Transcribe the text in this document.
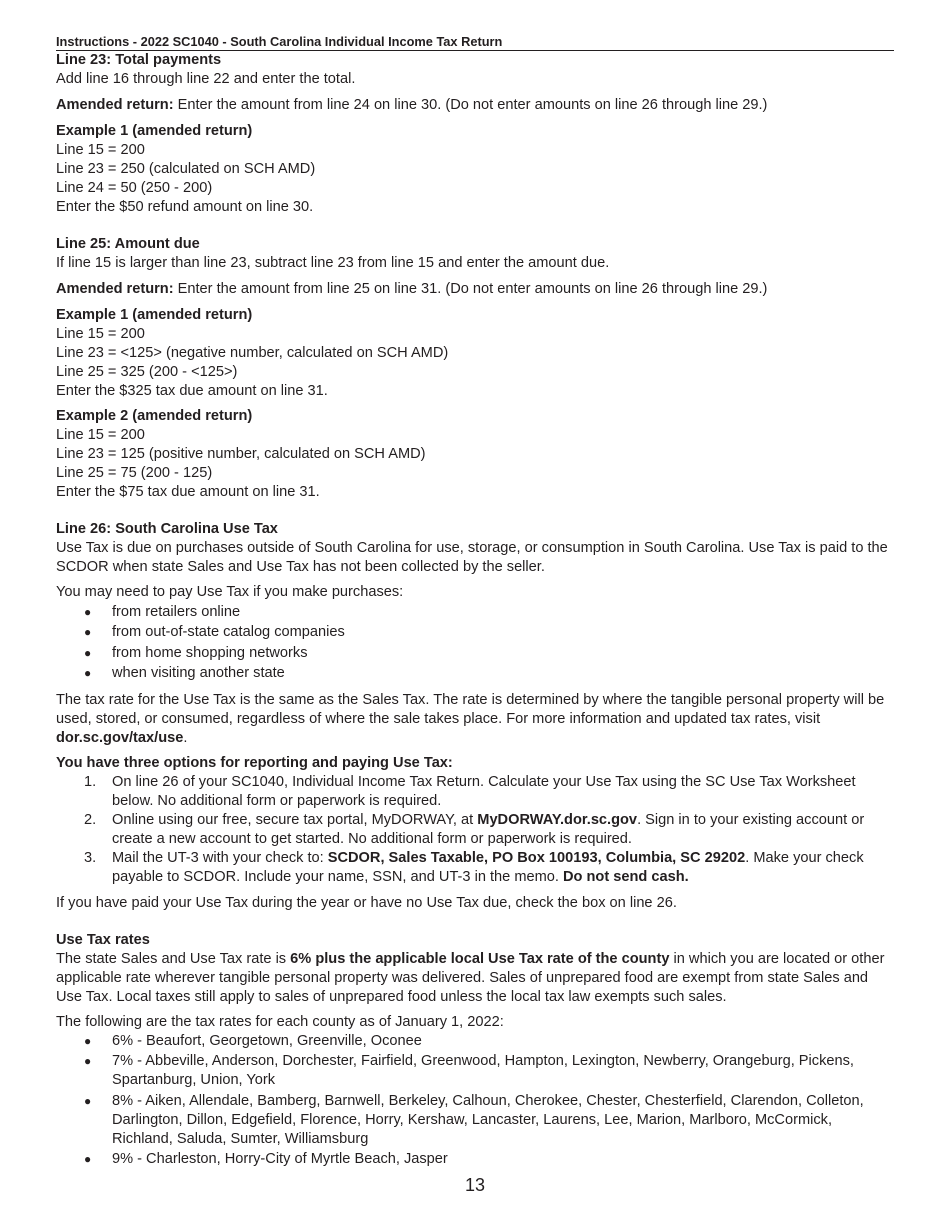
Instructions - 2022 SC1040 - South Carolina Individual Income Tax Return

Line 23: Total payments

Add line 16 through line 22 and enter the total.

Amended return: Enter the amount from line 24 on line 30. (Do not enter amounts on line 26 through line 29.)

Example 1 (amended return)

Line 15 = 200

Line 23 = 250 (calculated on SCH AMD)

Line 24 = 50 (250 - 200)

Enter the $50 refund amount on line 30.

Line 25: Amount due

If line 15 is larger than line 23, subtract line 23 from line 15 and enter the amount due.

Amended return: Enter the amount from line 25 on line 31. (Do not enter amounts on line 26 through line 29.)

Example 1 (amended return)

Line 15 = 200

Line 23 = <125> (negative number, calculated on SCH AMD)

Line 25 = 325 (200 - <125>)

Enter the $325 tax due amount on line 31.

Example 2 (amended return)

Line 15 = 200

Line 23 = 125 (positive number, calculated on SCH AMD)

Line 25 = 75 (200 - 125)

Enter the $75 tax due amount on line 31.

Line 26: South Carolina Use Tax

Use Tax is due on purchases outside of South Carolina for use, storage, or consumption in South Carolina. Use Tax is paid to the SCDOR when state Sales and Use Tax has not been collected by the seller.

You may need to pay Use Tax if you make purchases:

● from retailers online
● from out-of-state catalog companies
● from home shopping networks
● when visiting another state

The tax rate for the Use Tax is the same as the Sales Tax. The rate is determined by where the tangible personal property will be used, stored, or consumed, regardless of where the sale takes place. For more information and updated tax rates, visit dor.sc.gov/tax/use.

You have three options for reporting and paying Use Tax:

1. On line 26 of your SC1040, Individual Income Tax Return. Calculate your Use Tax using the SC Use Tax Worksheet below. No additional form or paperwork is required.
2. Online using our free, secure tax portal, MyDORWAY, at MyDORWAY.dor.sc.gov. Sign in to your existing account or create a new account to get started. No additional form or paperwork is required.
3. Mail the UT-3 with your check to: SCDOR, Sales Taxable, PO Box 100193, Columbia, SC 29202. Make your check payable to SCDOR. Include your name, SSN, and UT-3 in the memo. Do not send cash.

If you have paid your Use Tax during the year or have no Use Tax due, check the box on line 26.

Use Tax rates

The state Sales and Use Tax rate is 6% plus the applicable local Use Tax rate of the county in which you are located or other applicable rate wherever tangible personal property was delivered. Sales of unprepared food are exempt from state Sales and Use Tax. Local taxes still apply to sales of unprepared food unless the local tax law exempts such sales.

The following are the tax rates for each county as of January 1, 2022:

● 6% - Beaufort, Georgetown, Greenville, Oconee
● 7% - Abbeville, Anderson, Dorchester, Fairfield, Greenwood, Hampton, Lexington, Newberry, Orangeburg, Pickens, Spartanburg, Union, York
● 8% - Aiken, Allendale, Bamberg, Barnwell, Berkeley, Calhoun, Cherokee, Chester, Chesterfield, Clarendon, Colleton, Darlington, Dillon, Edgefield, Florence, Horry, Kershaw, Lancaster, Laurens, Lee, Marion, Marlboro, McCormick, Richland, Saluda, Sumter, Williamsburg
● 9% - Charleston, Horry-City of Myrtle Beach, Jasper
13
